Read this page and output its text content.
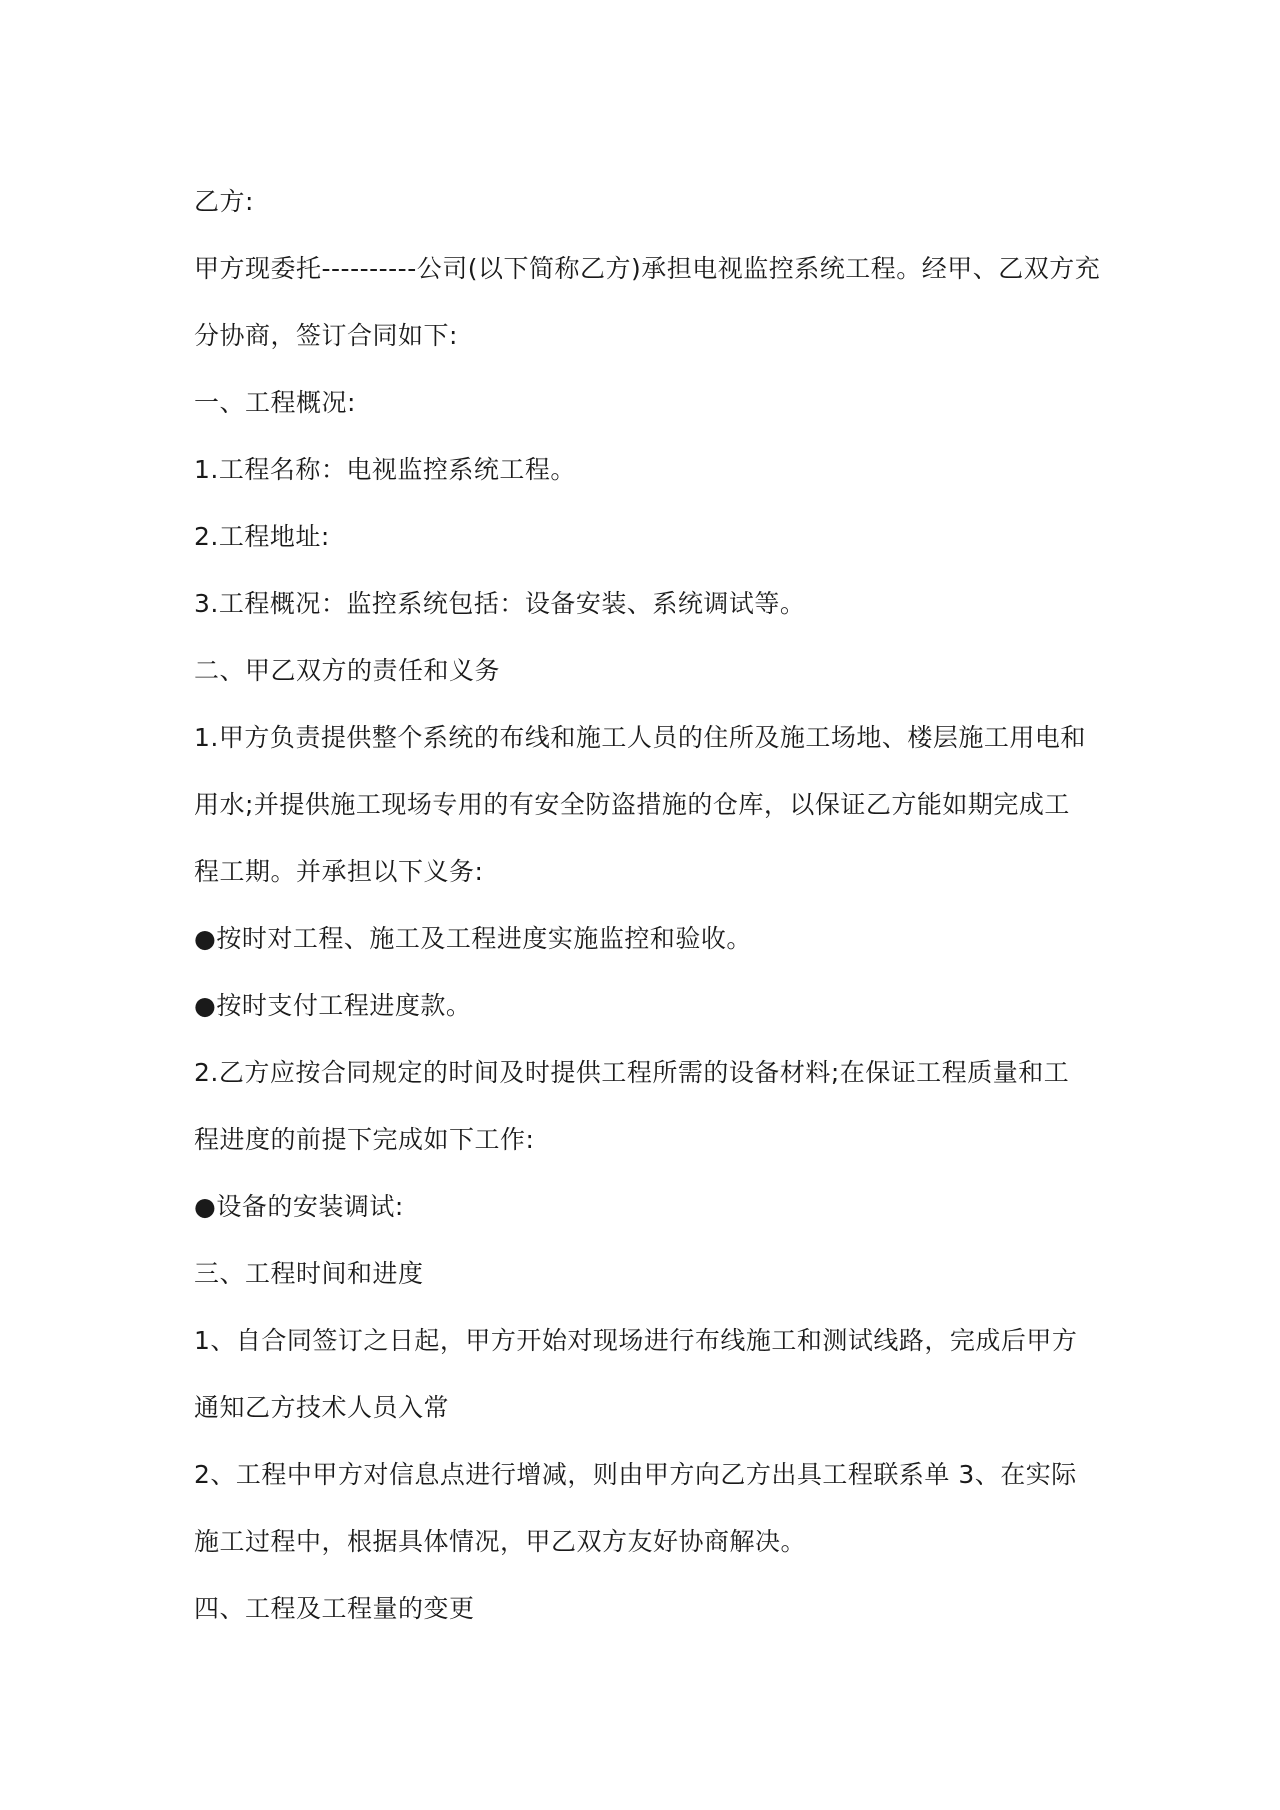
乙方:
甲方现委托----------公司(以下简称乙方)承担电视监控系统工程。经甲、乙双方充
分协商，签订合同如下:
一、工程概况:
1.工程名称：电视监控系统工程。
2.工程地址:
3.工程概况：监控系统包括：设备安装、系统调试等。
二、甲乙双方的责任和义务
1.甲方负责提供整个系统的布线和施工人员的住所及施工场地、楼层施工用电和
用水;并提供施工现场专用的有安全防盗措施的仓库，以保证乙方能如期完成工
程工期。并承担以下义务:
●按时对工程、施工及工程进度实施监控和验收。
●按时支付工程进度款。
2.乙方应按合同规定的时间及时提供工程所需的设备材料;在保证工程质量和工
程进度的前提下完成如下工作:
●设备的安装调试:
三、工程时间和进度
1、自合同签订之日起，甲方开始对现场进行布线施工和测试线路，完成后甲方
通知乙方技术人员入常
2、工程中甲方对信息点进行增减，则由甲方向乙方出具工程联系单 3、在实际
施工过程中，根据具体情况，甲乙双方友好协商解决。
四、工程及工程量的变更
